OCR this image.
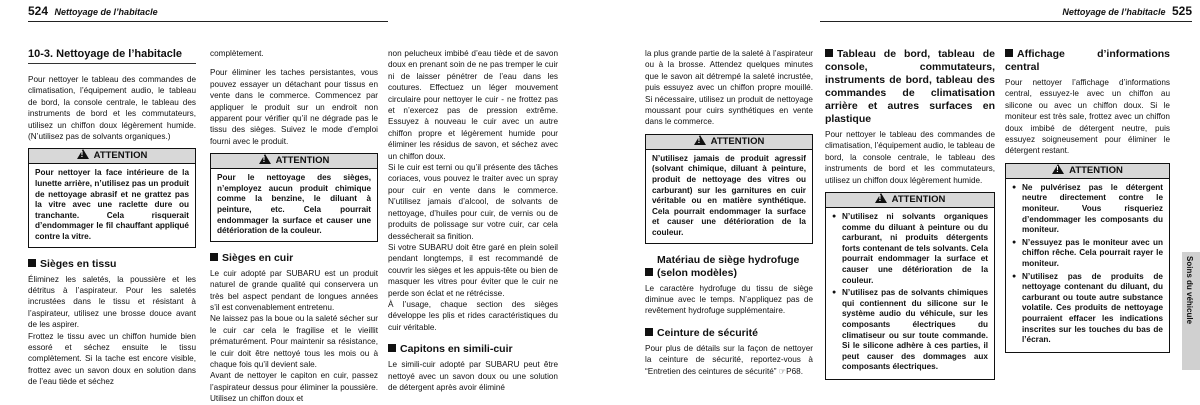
524 Nettoyage de l’habitacle	Nettoyage de l’habitacle 525
10-3. Nettoyage de l’habitacle

Pour nettoyer le tableau des commandes de climatisation, l’équipement audio, le tableau de bord, la console centrale, le tableau des instruments de bord et les commutateurs, utilisez un chiffon doux légèrement humide. (N’utilisez pas de solvants organiques.)

!ATTENTION
Pour nettoyer la face intérieure de la lunette arrière, n’utilisez pas un produit de nettoyage abrasif et ne grattez pas la vitre avec une raclette dure ou tranchante. Cela risquerait d’endommager le fil chauffant appliqué contre la vitre.
Sièges en tissu

Éliminez les saletés, la poussière et les détritus à l’aspirateur. Pour les saletés incrustées dans le tissu et résistant à l’aspirateur, utilisez une brosse douce avant de les aspirer.

Frottez le tissu avec un chiffon humide bien essoré et séchez ensuite le tissu complètement. Si la tache est encore visible, frottez avec un savon doux en solution dans de l’eau tiède et séchez

complètement.

Pour éliminer les taches persistantes, vous pouvez essayer un détachant pour tissus en vente dans le commerce. Commencez par appliquer le produit sur un endroit non apparent pour vérifier qu’il ne dégrade pas le tissu des sièges. Suivez le mode d’emploi fourni avec le produit.

!ATTENTION
Pour le nettoyage des sièges, n’employez aucun produit chimique comme la benzine, le diluant à peinture, etc. Cela pourrait endommager la surface et causer une détérioration de la couleur.
Sièges en cuir

Le cuir adopté par SUBARU est un produit naturel de grande qualité qui conservera un très bel aspect pendant de longues années s’il est convenablement entretenu.

Ne laissez pas la boue ou la saleté sécher sur le cuir car cela le fragilise et le vieillit prématurément. Pour maintenir sa résistance, le cuir doit être nettoyé tous les mois ou à chaque fois qu’il devient sale.

Avant de nettoyer le capiton en cuir, passez l’aspirateur dessus pour éliminer la poussière. Utilisez un chiffon doux et

non pelucheux imbibé d’eau tiède et de savon doux en prenant soin de ne pas tremper le cuir ni de laisser pénétrer de l’eau dans les coutures. Effectuez un léger mouvement circulaire pour nettoyer le cuir - ne frottez pas et n’exercez pas de pression extrême. Essuyez à nouveau le cuir avec un autre chiffon propre et légèrement humide pour éliminer les résidus de savon, et séchez avec un chiffon doux.

Si le cuir est terni ou qu’il présente des tâches coriaces, vous pouvez le traiter avec un spray pour cuir en vente dans le commerce. N’utilisez jamais d’alcool, de solvants de nettoyage, d’huiles pour cuir, de vernis ou de produits de polissage sur votre cuir, car cela dessécherait sa finition.

Si votre SUBARU doit être garé en plein soleil pendant longtemps, il est recommandé de couvrir les sièges et les appuis-tête ou bien de masquer les vitres pour éviter que le cuir ne perde son éclat et ne rétrécisse.

À l’usage, chaque section des sièges développe les plis et rides caractéristiques du cuir véritable.

Capitons en simili-cuir

Le simili-cuir adopté par SUBARU peut être nettoyé avec un savon doux ou une solution de détergent après avoir éliminé

la plus grande partie de la saleté à l’aspirateur ou à la brosse. Attendez quelques minutes que le savon ait détrempé la saleté incrustée, puis essuyez avec un chiffon propre mouillé. Si nécessaire, utilisez un produit de nettoyage moussant pour cuirs synthétiques en vente dans le commerce.

!ATTENTION
N’utilisez jamais de produit agressif (solvant chimique, diluant à peinture, produit de nettoyage des vitres ou carburant) sur les garnitures en cuir véritable ou en matière synthétique. Cela pourrait endommager la surface et causer une détérioration de la couleur.
Matériau de siège hydrofuge
(selon modèles)

Le caractère hydrofuge du tissu de siège diminue avec le temps. N’appliquez pas de revêtement hydrofuge supplémentaire.

Ceinture de sécurité

Pour plus de détails sur la façon de nettoyer la ceinture de sécurité, reportez-vous à “Entretien des ceintures de sécurité” ☞P68.

Tableau de bord, tableau de console, commutateurs, instruments de bord, tableau des commandes de climatisation arrière et autres surfaces en plastique

Pour nettoyer le tableau des commandes de climatisation, l’équipement audio, le tableau de bord, la console centrale, le tableau des instruments de bord et les commutateurs, utilisez un chiffon doux légèrement humide.

!ATTENTION
● N’utilisez ni solvants organiques comme du diluant à peinture ou du carburant, ni produits détergents forts contenant de tels solvants. Cela pourrait endommager la surface et causer une détérioration de la couleur.
● N’utilisez pas de solvants chimiques qui contiennent du silicone sur le système audio du véhicule, sur les composants électriques du climatiseur ou sur toute commande. Si le silicone adhère à ces parties, il peut causer des dommages aux composants électriques.
Affichage d’informations central

Pour nettoyer l’affichage d’informations central, essuyez-le avec un chiffon au silicone ou avec un chiffon doux. Si le moniteur est très sale, frottez avec un chiffon doux imbibé de détergent neutre, puis essuyez soigneusement pour éliminer le détergent restant.

!ATTENTION
● Ne pulvérisez pas le détergent neutre directement contre le moniteur. Vous risqueriez d’endommager les composants du moniteur.
● N’essuyez pas le moniteur avec un chiffon rêche. Cela pourrait rayer le moniteur.
● N’utilisez pas de produits de nettoyage contenant du diluant, du carburant ou toute autre substance volatile. Ces produits de nettoyage pourraient effacer les indications inscrites sur les touches du bas de l’écran.
Soins du véhicule
